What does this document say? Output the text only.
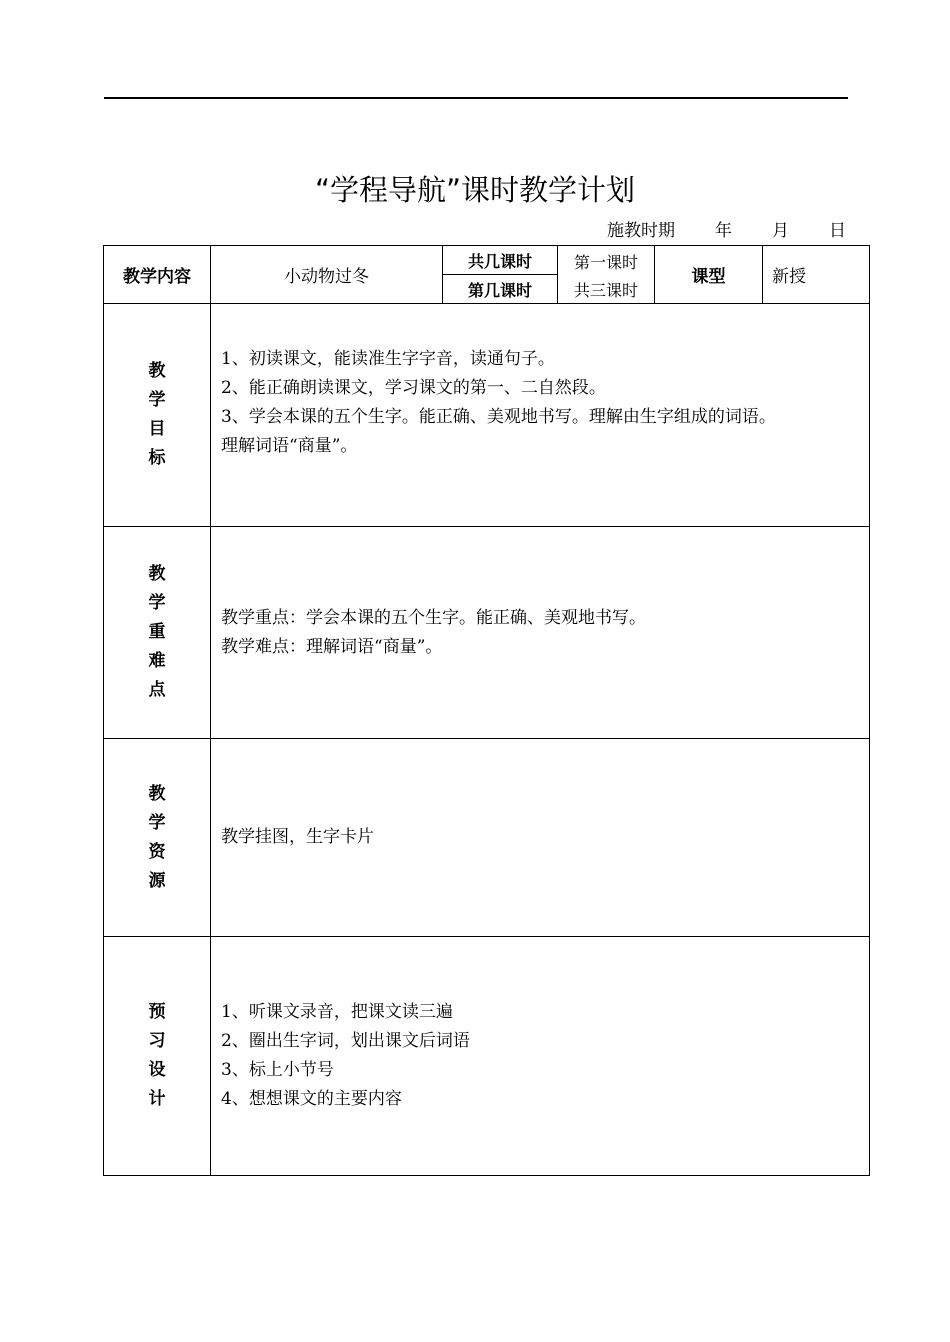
“学程导航”课时教学计划
施教时期 年 月 日
教学内容	小动物过冬
共几课时
第几课时
第一课时
共三课时
课型	新授
教
学
目
标

1、初读课文，能读准生字字音，读通句子。

2、能正确朗读课文，学习课文的第一、二自然段。

3、学会本课的五个生字。能正确、美观地书写。理解由生字组成的词语。

理解词语“商量”。

教
学
重
难
点

教学重点：学会本课的五个生字。能正确、美观地书写。

教学难点：理解词语“商量”。

教
学
资
源

教学挂图，生字卡片

预
习
设
计

1、听课文录音，把课文读三遍

2、圈出生字词，划出课文后词语

3、标上小节号

4、想想课文的主要内容
